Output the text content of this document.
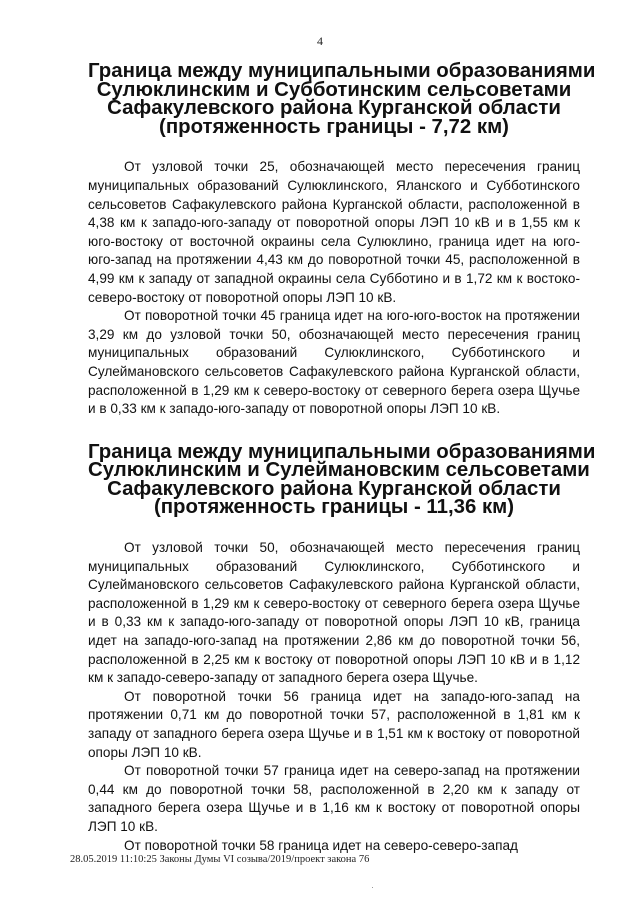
4
Граница между муниципальными образованиями
Сулюклинским и Субботинским сельсоветами
Сафакулевского района Курганской области
(протяженность границы - 7,72 км)

От узловой точки 25, обозначающей место пересечения границ муниципальных образований Сулюклинского, Яланского и Субботинского сельсоветов Сафакулевского района Курганской области, расположенной в 4,38 км к западо-юго-западу от поворотной опоры ЛЭП 10 кВ и в 1,55 км к юго-востоку от восточной окраины села Сулюклино, граница идет на юго-юго-запад на протяжении 4,43 км до поворотной точки 45, расположенной в 4,99 км к западу от западной окраины села Субботино и в 1,72 км к востоко-северо-востоку от поворотной опоры ЛЭП 10 кВ.

От поворотной точки 45 граница идет на юго-юго-восток на протяжении 3,29 км до узловой точки 50, обозначающей место пересечения границ муниципальных образований Сулюклинского, Субботинского и Сулеймановского сельсоветов Сафакулевского района Курганской области, расположенной в 1,29 км к северо-востоку от северного берега озера Щучье и в 0,33 км к западо-юго-западу от поворотной опоры ЛЭП 10 кВ.

Граница между муниципальными образованиями
Сулюклинским и Сулеймановским сельсоветами
Сафакулевского района Курганской области
(протяженность границы - 11,36 км)

От узловой точки 50, обозначающей место пересечения границ муниципальных образований Сулюклинского, Субботинского и Сулеймановского сельсоветов Сафакулевского района Курганской области, расположенной в 1,29 км к северо-востоку от северного берега озера Щучье и в 0,33 км к западо-юго-западу от поворотной опоры ЛЭП 10 кВ, граница идет на западо-юго-запад на протяжении 2,86 км до поворотной точки 56, расположенной в 2,25 км к востоку от поворотной опоры ЛЭП 10 кВ и в 1,12 км к западо-северо-западу от западного берега озера Щучье.

От поворотной точки 56 граница идет на западо-юго-запад на протяжении 0,71 км до поворотной точки 57, расположенной в 1,81 км к западу от западного берега озера Щучье и в 1,51 км к востоку от поворотной опоры ЛЭП 10 кВ.

От поворотной точки 57 граница идет на северо-запад на протяжении 0,44 км до поворотной точки 58, расположенной в 2,20 км к западу от западного берега озера Щучье и в 1,16 км к востоку от поворотной опоры ЛЭП 10 кВ.

От поворотной точки 58 граница идет на северо-северо-запад

28.05.2019 11:10:25 Законы Думы VI созыва/2019/проект закона 76
